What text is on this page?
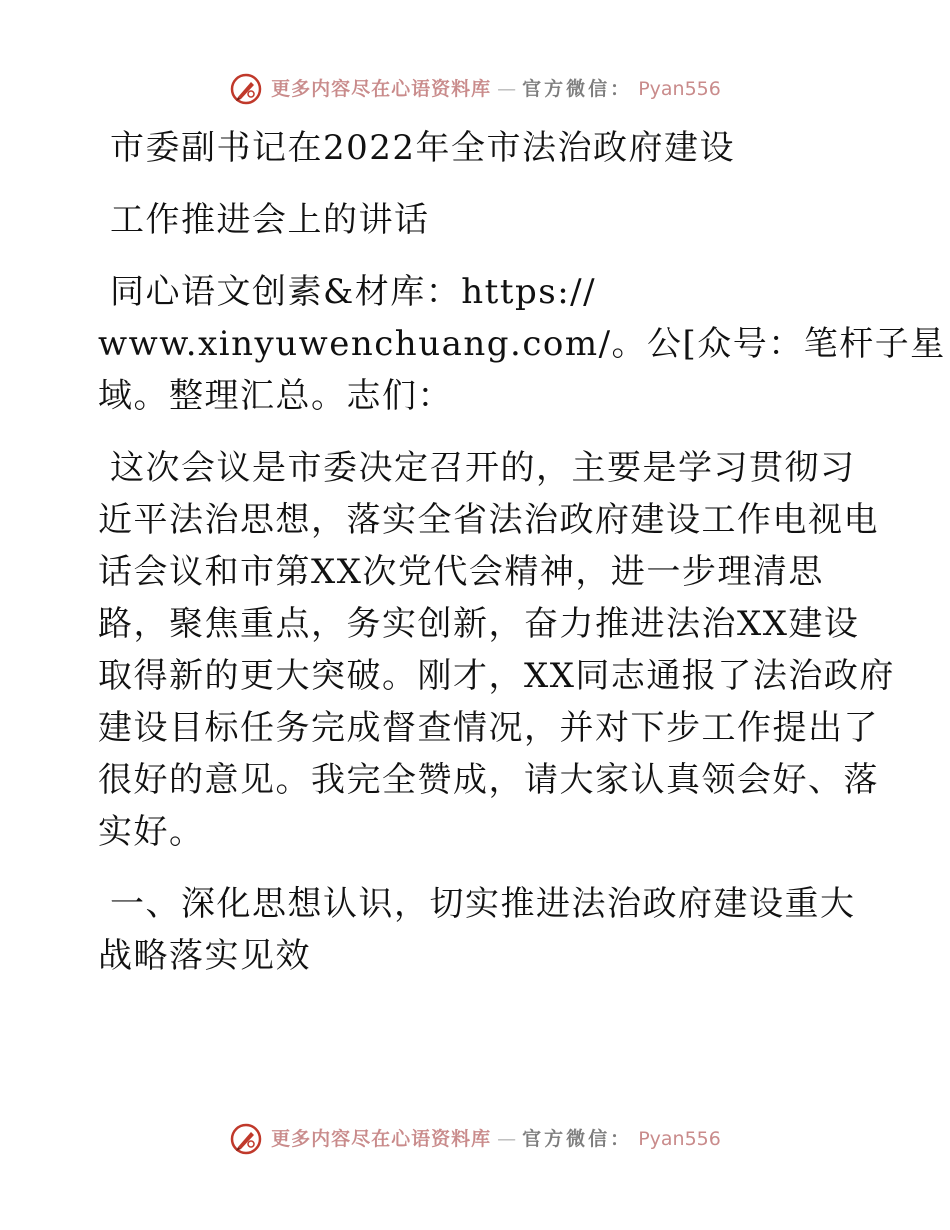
更多内容尽在心语资料库 — 官方微信： Pyan556
市委副书记在2022年全市法治政府建设
工作推进会上的讲话
同心语文创素&材库：https://
www.xinyuwenchuang.com/。公[众号：笔杆子星
域。整理汇总。志们：
这次会议是市委决定召开的，主要是学习贯彻习
近平法治思想，落实全省法治政府建设工作电视电
话会议和市第XX次党代会精神，进一步理清思
路，聚焦重点，务实创新，奋力推进法治XX建设
取得新的更大突破。刚才，XX同志通报了法治政府
建设目标任务完成督查情况，并对下步工作提出了
很好的意见。我完全赞成，请大家认真领会好、落
实好。
一、深化思想认识，切实推进法治政府建设重大
战略落实见效
更多内容尽在心语资料库 — 官方微信： Pyan556
